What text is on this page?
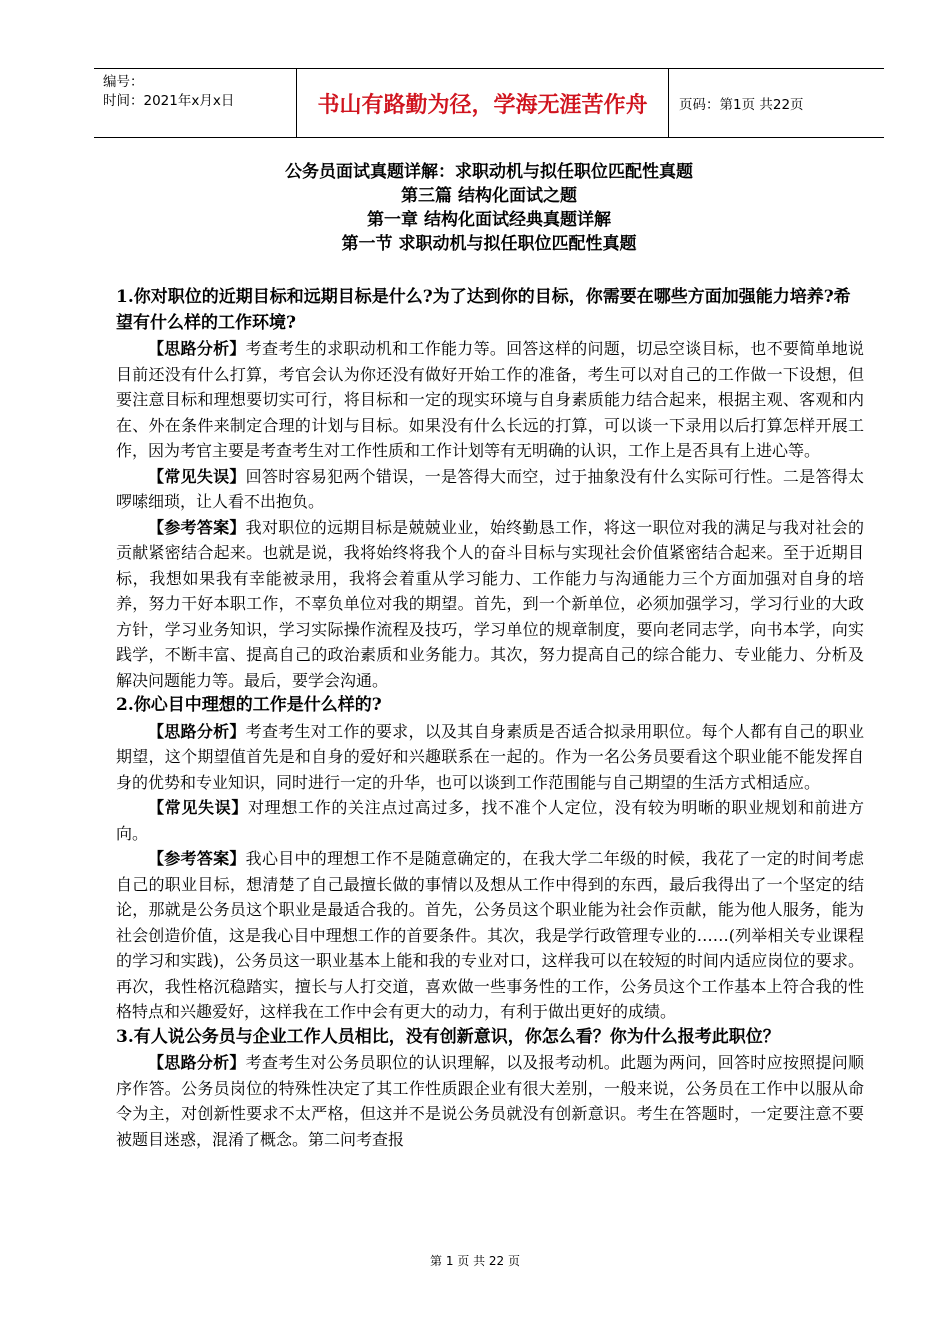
编号：
时间：2021年x月x日	书山有路勤为径，学海无涯苦作舟	页码：第1页 共22页
公务员面试真题详解：求职动机与拟任职位匹配性真题
第三篇 结构化面试之题
第一章 结构化面试经典真题详解
第一节 求职动机与拟任职位匹配性真题

1.你对职位的近期目标和远期目标是什么?为了达到你的目标，你需要在哪些方面加强能力培养?希望有什么样的工作环境?

【思路分析】考查考生的求职动机和工作能力等。回答这样的问题，切忌空谈目标，也不要简单地说目前还没有什么打算，考官会认为你还没有做好开始工作的准备，考生可以对自己的工作做一下设想，但要注意目标和理想要切实可行，将目标和一定的现实环境与自身素质能力结合起来，根据主观、客观和内在、外在条件来制定合理的计划与目标。如果没有什么长远的打算，可以谈一下录用以后打算怎样开展工作，因为考官主要是考查考生对工作性质和工作计划等有无明确的认识，工作上是否具有上进心等。

【常见失误】回答时容易犯两个错误，一是答得大而空，过于抽象没有什么实际可行性。二是答得太啰嗦细琐，让人看不出抱负。

【参考答案】我对职位的远期目标是兢兢业业，始终勤恳工作，将这一职位对我的满足与我对社会的贡献紧密结合起来。也就是说，我将始终将我个人的奋斗目标与实现社会价值紧密结合起来。至于近期目标，我想如果我有幸能被录用，我将会着重从学习能力、工作能力与沟通能力三个方面加强对自身的培养，努力干好本职工作，不辜负单位对我的期望。首先，到一个新单位，必须加强学习，学习行业的大政方针，学习业务知识，学习实际操作流程及技巧，学习单位的规章制度，要向老同志学，向书本学，向实践学，不断丰富、提高自己的政治素质和业务能力。其次，努力提高自己的综合能力、专业能力、分析及解决问题能力等。最后，要学会沟通。

2.你心目中理想的工作是什么样的?

【思路分析】考查考生对工作的要求，以及其自身素质是否适合拟录用职位。每个人都有自己的职业期望，这个期望值首先是和自身的爱好和兴趣联系在一起的。作为一名公务员要看这个职业能不能发挥自身的优势和专业知识，同时进行一定的升华，也可以谈到工作范围能与自己期望的生活方式相适应。

【常见失误】对理想工作的关注点过高过多，找不准个人定位，没有较为明晰的职业规划和前进方向。

【参考答案】我心目中的理想工作不是随意确定的，在我大学二年级的时候，我花了一定的时间考虑自己的职业目标，想清楚了自己最擅长做的事情以及想从工作中得到的东西，最后我得出了一个坚定的结论，那就是公务员这个职业是最适合我的。首先，公务员这个职业能为社会作贡献，能为他人服务，能为社会创造价值，这是我心目中理想工作的首要条件。其次，我是学行政管理专业的……(列举相关专业课程的学习和实践)，公务员这一职业基本上能和我的专业对口，这样我可以在较短的时间内适应岗位的要求。再次，我性格沉稳踏实，擅长与人打交道，喜欢做一些事务性的工作，公务员这个工作基本上符合我的性格特点和兴趣爱好，这样我在工作中会有更大的动力，有利于做出更好的成绩。

3.有人说公务员与企业工作人员相比，没有创新意识，你怎么看？你为什么报考此职位？

【思路分析】考查考生对公务员职位的认识理解，以及报考动机。此题为两问，回答时应按照提问顺序作答。公务员岗位的特殊性决定了其工作性质跟企业有很大差别，一般来说，公务员在工作中以服从命令为主，对创新性要求不太严格，但这并不是说公务员就没有创新意识。考生在答题时，一定要注意不要被题目迷惑，混淆了概念。第二问考查报

第 1 页 共 22 页
